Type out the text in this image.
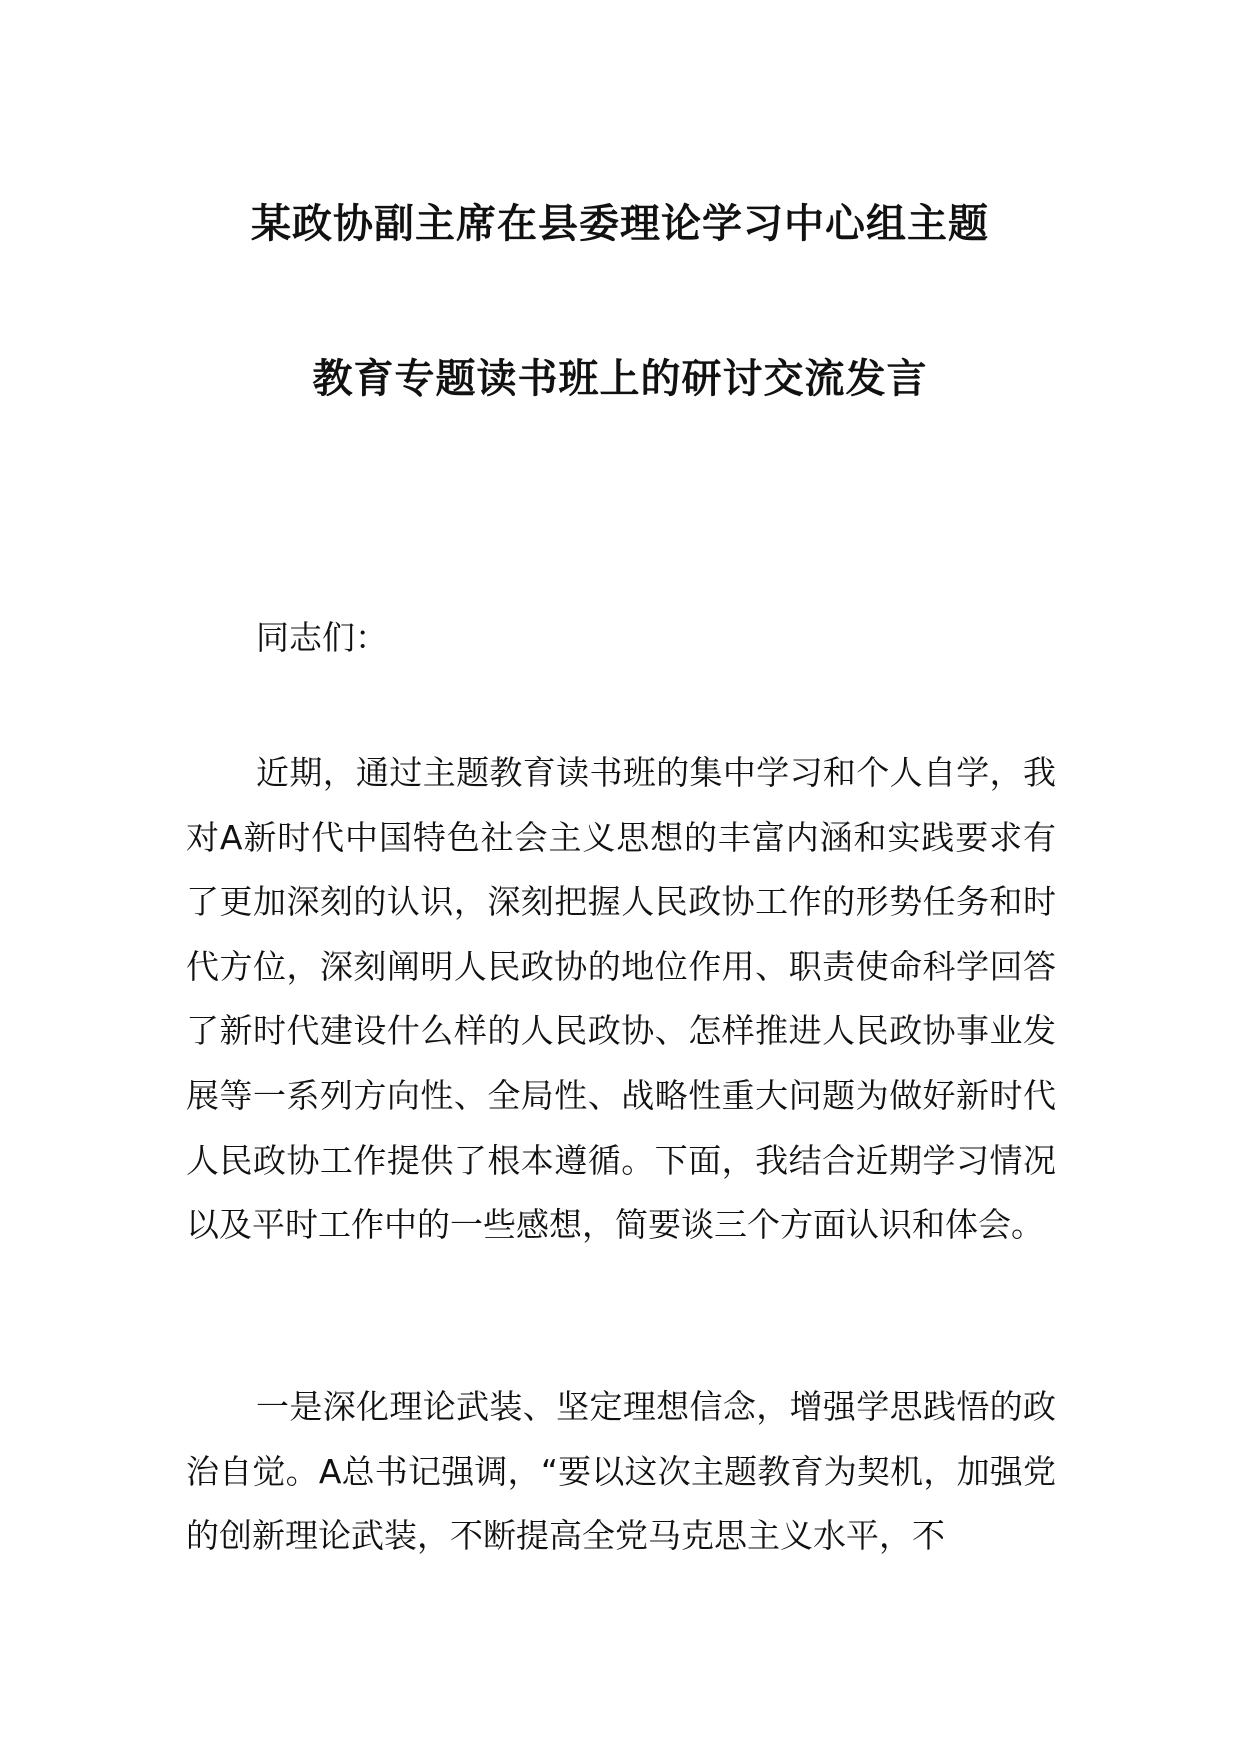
某政协副主席在县委理论学习中心组主题
教育专题读书班上的研讨交流发言
同志们：
近期，通过主题教育读书班的集中学习和个人自学，我对A新时代中国特色社会主义思想的丰富内涵和实践要求有了更加深刻的认识，深刻把握人民政协工作的形势任务和时代方位，深刻阐明人民政协的地位作用、职责使命科学回答了新时代建设什么样的人民政协、怎样推进人民政协事业发展等一系列方向性、全局性、战略性重大问题为做好新时代人民政协工作提供了根本遵循。下面，我结合近期学习情况以及平时工作中的一些感想，简要谈三个方面认识和体会。
一是深化理论武装、坚定理想信念，增强学思践悟的政治自觉。A总书记强调，“要以这次主题教育为契机，加强党的创新理论武装，不断提高全党马克思主义水平，不
